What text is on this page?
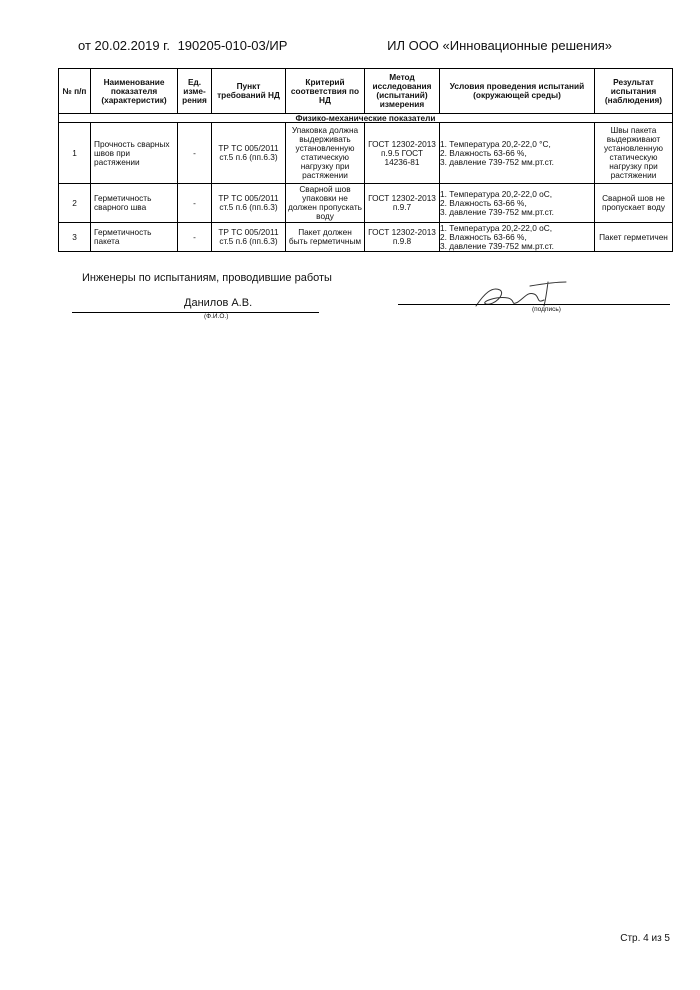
от 20.02.2019 г. 190205-010-03/ИР	ИЛ ООО «Инновационные решения»
№ п/п	Наименование показателя (характеристик)	Ед. изме-рения	Пункт требований НД	Критерий соответствия по НД	Метод исследования (испытаний) измерения	Условия проведения испытаний (окружающей среды)	Результат испытания (наблюдения)
Физико-механические показатели							
1	Прочность сварных швов при растяжении	-	ТР ТС 005/2011 ст.5 п.6 (пп.6.3)	Упаковка должна выдерживать установленную статическую нагрузку при растяжении	ГОСТ 12302-2013 п.9.5 ГОСТ 14236-81	1. Температура 20,2-22,0 °С,
2. Влажность 63-66 %,
3. давление 739-752 мм.рт.ст.	Швы пакета выдерживают установленную статическую нагрузку при растяжении
2	Герметичность сварного шва	-	ТР ТС 005/2011 ст.5 п.6 (пп.6.3)	Сварной шов упаковки не должен пропускать воду	ГОСТ 12302-2013 п.9.7	1. Температура 20,2-22,0 оС,
2. Влажность 63-66 %,
3. давление 739-752 мм.рт.ст.	Сварной шов не пропускает воду
3	Герметичность пакета	-	ТР ТС 005/2011 ст.5 п.6 (пп.6.3)	Пакет должен быть герметичным	ГОСТ 12302-2013 п.9.8	1. Температура 20,2-22,0 оС,
2. Влажность 63-66 %,
3. давление 739-752 мм.рт.ст.	Пакет герметичен
Инженеры по испытаниям, проводившие работы
Данилов А.В.
(Ф.И.О.)
(подпись)
Стр. 4 из 5
